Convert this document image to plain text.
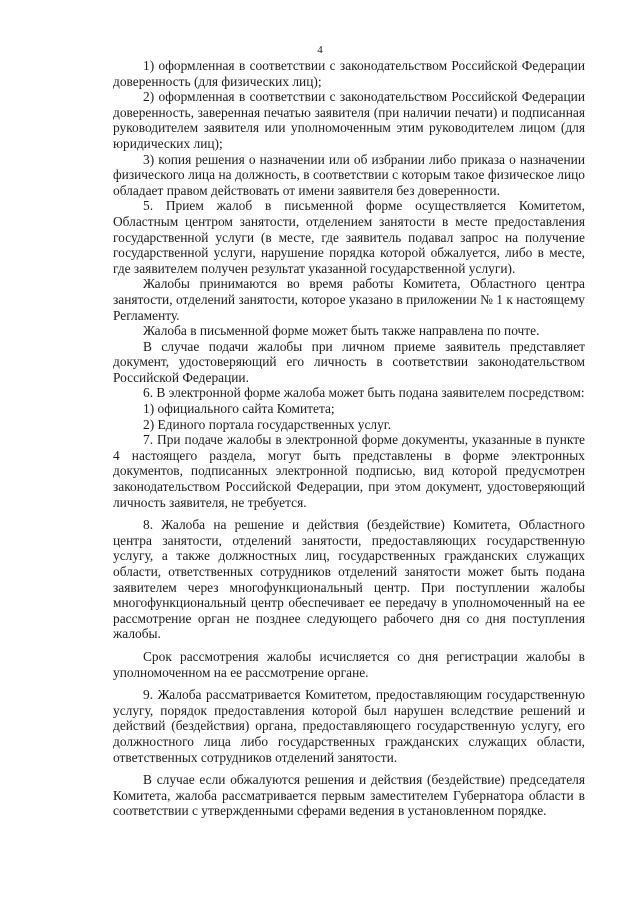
4

1) оформленная в соответствии с законодательством Российской Федерации доверенность (для физических лиц);

2) оформленная в соответствии с законодательством Российской Федерации доверенность, заверенная печатью заявителя (при наличии печати) и подписанная руководителем заявителя или уполномоченным этим руководителем лицом (для юридических лиц);

3) копия решения о назначении или об избрании либо приказа о назначении физического лица на должность, в соответствии с которым такое физическое лицо обладает правом действовать от имени заявителя без доверенности.

5. Прием жалоб в письменной форме осуществляется Комитетом, Областным центром занятости, отделением занятости в месте предоставления государственной услуги (в месте, где заявитель подавал запрос на получение государственной услуги, нарушение порядка которой обжалуется, либо в месте, где заявителем получен результат указанной государственной услуги).

Жалобы принимаются во время работы Комитета, Областного центра занятости, отделений занятости, которое указано в приложении № 1 к настоящему Регламенту.

Жалоба в письменной форме может быть также направлена по почте.

В случае подачи жалобы при личном приеме заявитель представляет документ, удостоверяющий его личность в соответствии законодательством Российской Федерации.

6. В электронной форме жалоба может быть подана заявителем посредством:

1) официального сайта Комитета;

2) Единого портала государственных услуг.

7. При подаче жалобы в электронной форме документы, указанные в пункте 4 настоящего раздела, могут быть представлены в форме электронных документов, подписанных электронной подписью, вид которой предусмотрен законодательством Российской Федерации, при этом документ, удостоверяющий личность заявителя, не требуется.

8. Жалоба на решение и действия (бездействие) Комитета, Областного центра занятости, отделений занятости, предоставляющих государственную услугу, а также должностных лиц, государственных гражданских служащих области, ответственных сотрудников отделений занятости может быть подана заявителем через многофункциональный центр. При поступлении жалобы многофункциональный центр обеспечивает ее передачу в уполномоченный на ее рассмотрение орган не позднее следующего рабочего дня со дня поступления жалобы.

Срок рассмотрения жалобы исчисляется со дня регистрации жалобы в уполномоченном на ее рассмотрение органе.

9. Жалоба рассматривается Комитетом, предоставляющим государственную услугу, порядок предоставления которой был нарушен вследствие решений и действий (бездействия) органа, предоставляющего государственную услугу, его должностного лица либо государственных гражданских служащих области, ответственных сотрудников отделений занятости.

В случае если обжалуются решения и действия (бездействие) председателя Комитета, жалоба рассматривается первым заместителем Губернатора области в соответствии с утвержденными сферами ведения в установленном порядке.
